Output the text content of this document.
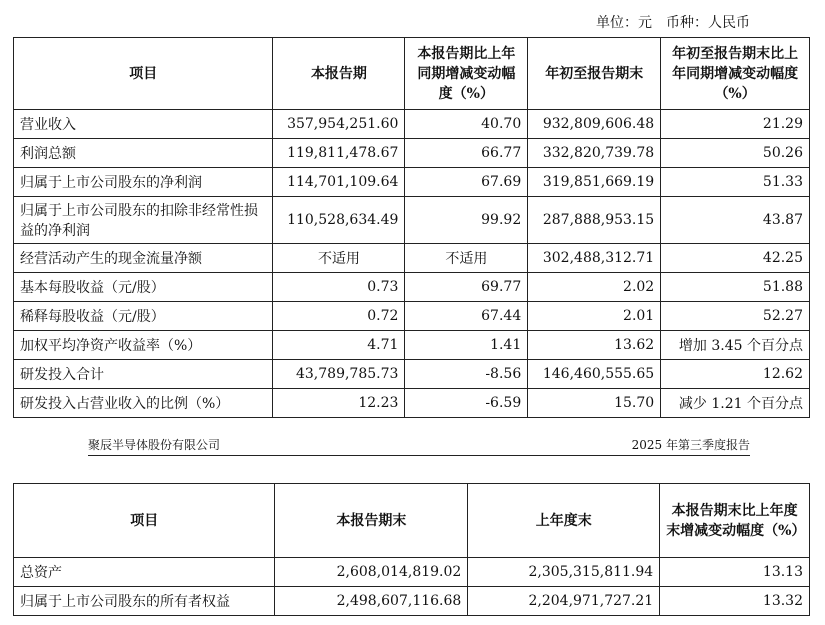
单位：元　币种：人民币
项目	本报告期	本报告期比上年同期增减变动幅度（%）	年初至报告期末	年初至报告期末比上年同期增减变动幅度（%）
营业收入	357,954,251.60	40.70	932,809,606.48	21.29
利润总额	119,811,478.67	66.77	332,820,739.78	50.26
归属于上市公司股东的净利润	114,701,109.64	67.69	319,851,669.19	51.33
归属于上市公司股东的扣除非经常性损益的净利润	110,528,634.49	99.92	287,888,953.15	43.87
经营活动产生的现金流量净额	不适用	不适用	302,488,312.71	42.25
基本每股收益（元/股）	0.73	69.77	2.02	51.88
稀释每股收益（元/股）	0.72	67.44	2.01	52.27
加权平均净资产收益率（%）	4.71	1.41	13.62	增加 3.45 个百分点
研发投入合计	43,789,785.73	-8.56	146,460,555.65	12.62
研发投入占营业收入的比例（%）	12.23	-6.59	15.70	减少 1.21 个百分点
聚辰半导体股份有限公司	2025 年第三季度报告
项目	本报告期末	上年度末	本报告期末比上年度末增减变动幅度（%）
总资产	2,608,014,819.02	2,305,315,811.94	13.13
归属于上市公司股东的所有者权益	2,498,607,116.68	2,204,971,727.21	13.32
